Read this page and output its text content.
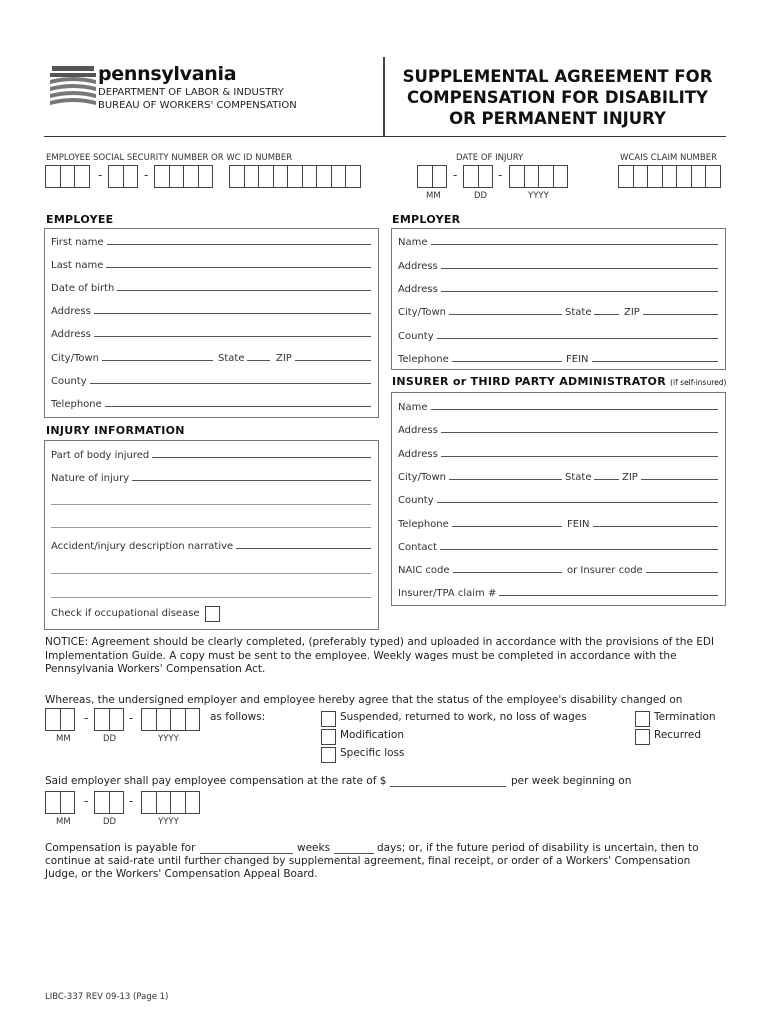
pennsylvania
DEPARTMENT OF LABOR & INDUSTRY
BUREAU OF WORKERS' COMPENSATION
SUPPLEMENTAL AGREEMENT FOR
COMPENSATION FOR DISABILITY
OR PERMANENT INJURY
EMPLOYEE SOCIAL SECURITY NUMBER OR WC ID NUMBER
-	-
DATE OF INJURY
-	-
MM	DD	YYYY
WCAIS CLAIM NUMBER
EMPLOYEE
First name
Last name
Date of birth
Address
Address
City/Town	State	ZIP
County
Telephone
INJURY INFORMATION
Part of body injured
Nature of injury
Accident/injury description narrative
Check if occupational disease
EMPLOYER
Name
Address
Address
City/Town	State	ZIP
County
Telephone	FEIN
INSURER or THIRD PARTY ADMINISTRATOR (if self-insured)
Name
Address
Address
City/Town	State	ZIP
County
Telephone	FEIN
Contact
NAIC code	or Insurer code
Insurer/TPA claim #
NOTICE: Agreement should be clearly completed, (preferably typed) and uploaded in accordance with the provisions of the EDI Implementation Guide. A copy must be sent to the employee. Weekly wages must be completed in accordance with the Pennsylvania Workers' Compensation Act.
Whereas, the undersigned employer and employee hereby agree that the status of the employee's disability changed on
-	-
MM	DD	YYYY
as follows:	Suspended, returned to work, no loss of wages
Modification
Specific loss
Termination
Recurred
Said employer shall pay employee compensation at the rate of $	per week beginning on
-	-
MM	DD	YYYY
Compensation is payable for	weeks	days; or, if the future period of disability is uncertain, then to
continue at said-rate until further changed by supplemental agreement, final receipt, or order of a Workers' Compensation
Judge, or the Workers' Compensation Appeal Board.
LIBC-337 REV 09-13 (Page 1)
